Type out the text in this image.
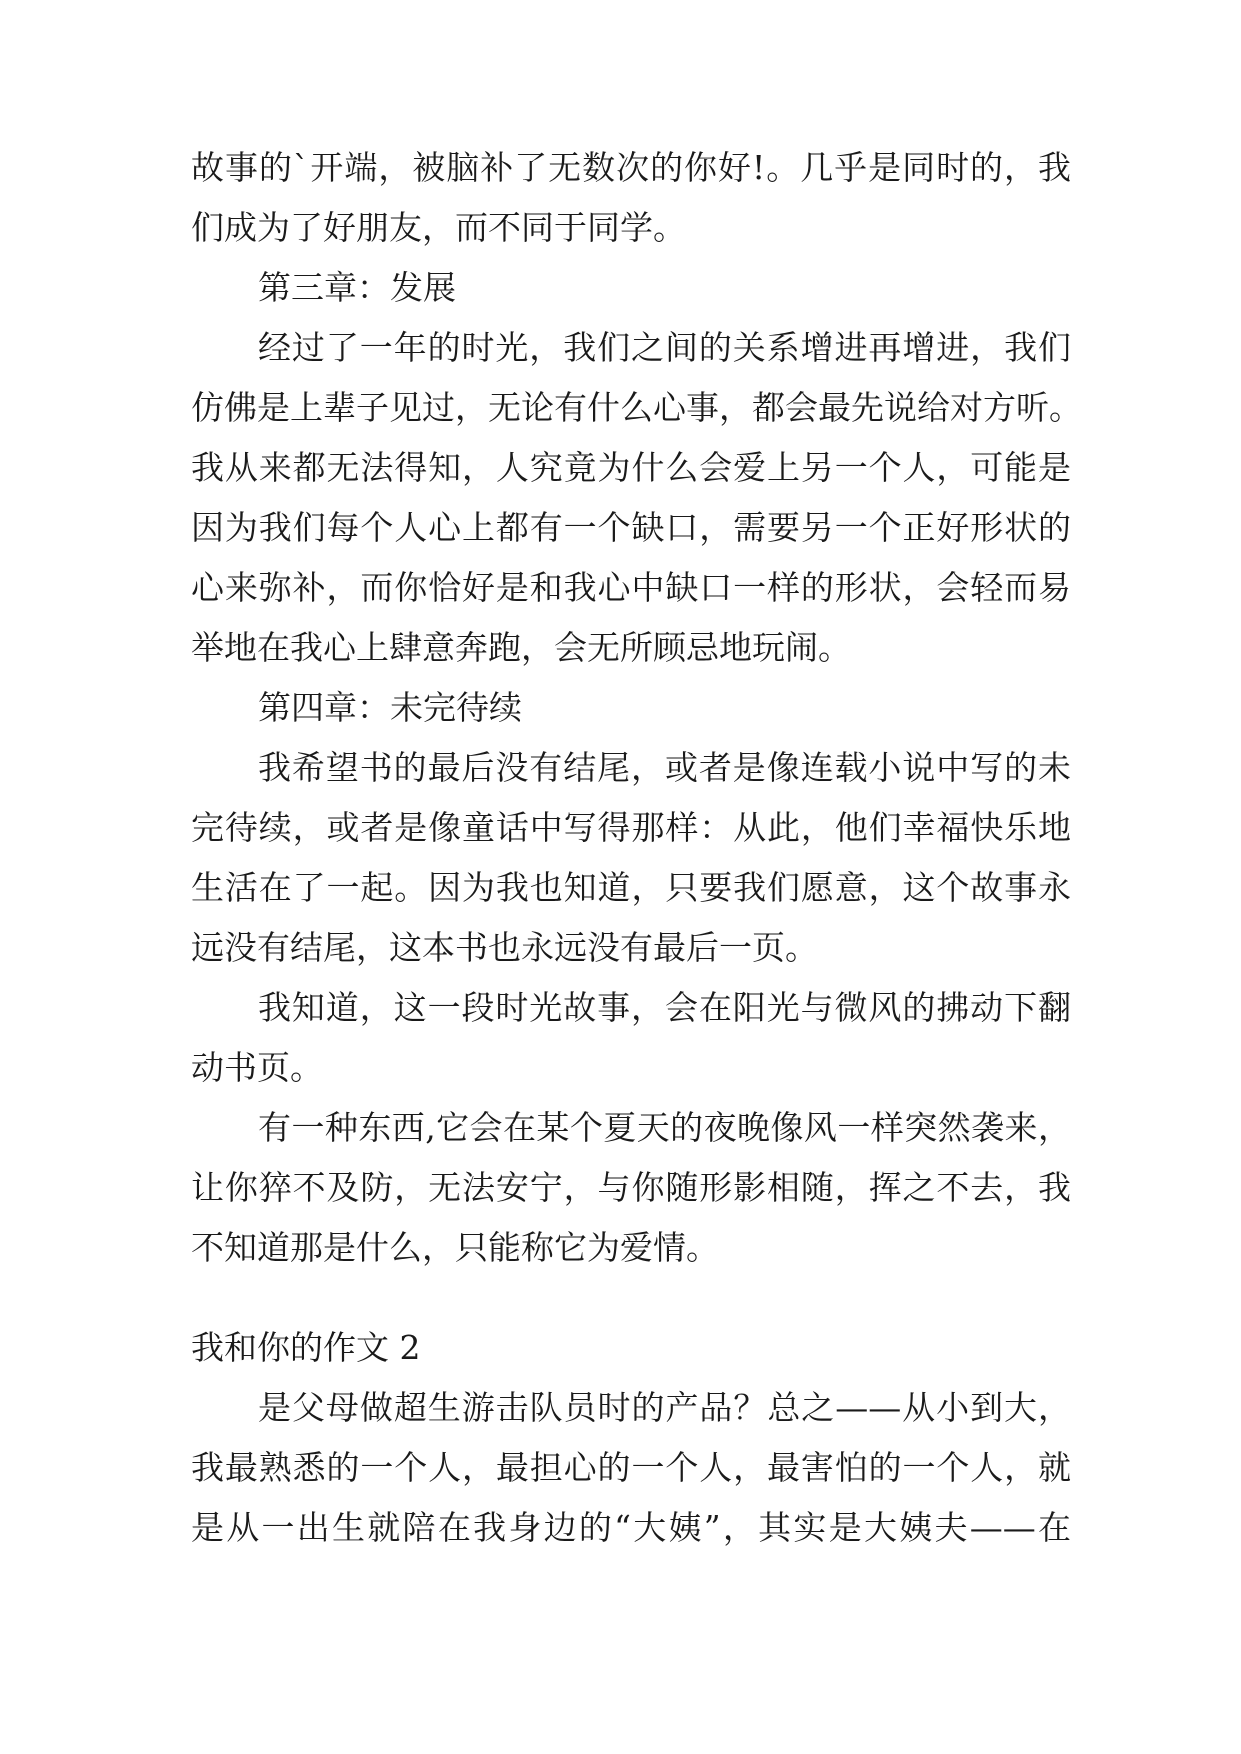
故事的`开端，被脑补了无数次的你好!。几乎是同时的，我
们成为了好朋友，而不同于同学。
第三章：发展
经过了一年的时光，我们之间的关系增进再增进，我们
仿佛是上辈子见过，无论有什么心事，都会最先说给对方听。
我从来都无法得知，人究竟为什么会爱上另一个人，可能是
因为我们每个人心上都有一个缺口，需要另一个正好形状的
心来弥补，而你恰好是和我心中缺口一样的形状，会轻而易
举地在我心上肆意奔跑，会无所顾忌地玩闹。
第四章：未完待续
我希望书的最后没有结尾，或者是像连载小说中写的未
完待续，或者是像童话中写得那样：从此，他们幸福快乐地
生活在了一起。因为我也知道，只要我们愿意，这个故事永
远没有结尾，这本书也永远没有最后一页。
我知道，这一段时光故事，会在阳光与微风的拂动下翻
动书页。
有一种东西,它会在某个夏天的夜晚像风一样突然袭来，
让你猝不及防，无法安宁，与你随形影相随，挥之不去，我
不知道那是什么，只能称它为爱情。
我和你的作文 2
是父母做超生游击队员时的产品？总之——从小到大，
我最熟悉的一个人，最担心的一个人，最害怕的一个人，就
是从一出生就陪在我身边的“大姨”，其实是大姨夫——在
